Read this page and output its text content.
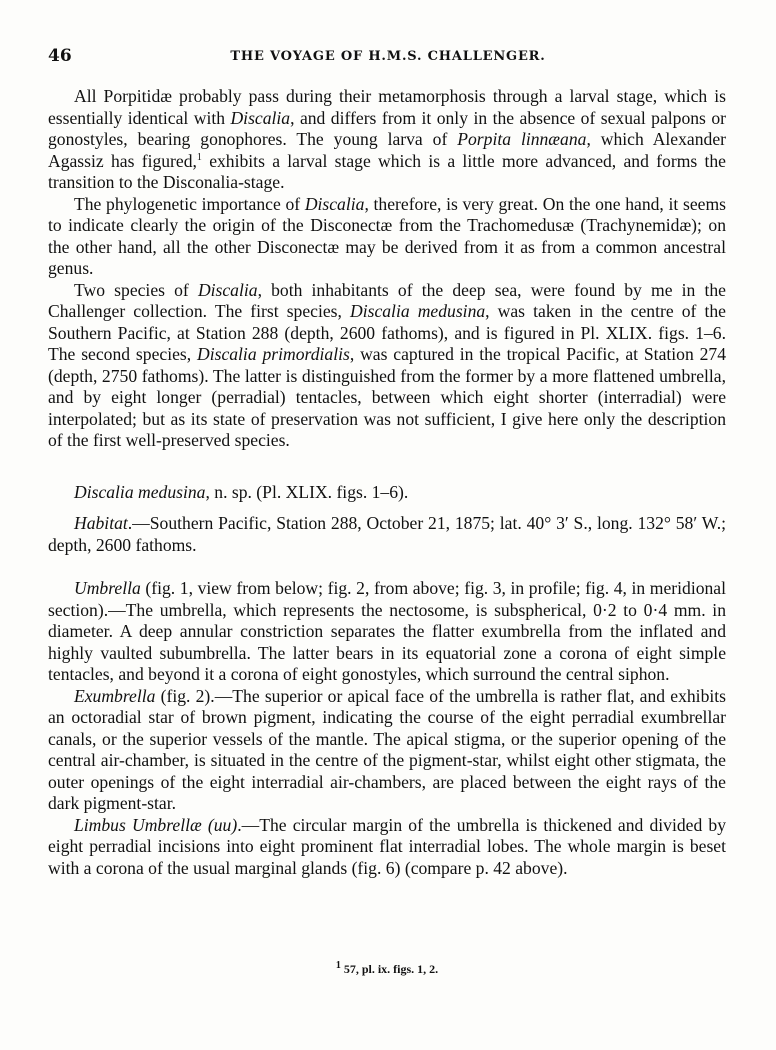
46	THE VOYAGE OF H.M.S. CHALLENGER.

All Porpitidæ probably pass during their metamorphosis through a larval stage, which is essentially identical with Discalia, and differs from it only in the absence of sexual palpons or gonostyles, bearing gonophores. The young larva of Porpita linnæana, which Alexander Agassiz has figured,$^1$ exhibits a larval stage which is a little more advanced, and forms the transition to the Disconalia-stage.

The phylogenetic importance of Discalia, therefore, is very great. On the one hand, it seems to indicate clearly the origin of the Disconectæ from the Trachomedusæ (Trachynemidæ); on the other hand, all the other Disconectæ may be derived from it as from a common ancestral genus.

Two species of Discalia, both inhabitants of the deep sea, were found by me in the Challenger collection. The first species, Discalia medusina, was taken in the centre of the Southern Pacific, at Station 288 (depth, 2600 fathoms), and is figured in Pl. XLIX. figs. 1–6. The second species, Discalia primordialis, was captured in the tropical Pacific, at Station 274 (depth, 2750 fathoms). The latter is distinguished from the former by a more flattened umbrella, and by eight longer (perradial) tentacles, between which eight shorter (interradial) were interpolated; but as its state of preservation was not sufficient, I give here only the description of the first well-preserved species.

Discalia medusina, n. sp. (Pl. XLIX. figs. 1–6).

Habitat.—Southern Pacific, Station 288, October 21, 1875; lat. 40° 3′ S., long. 132° 58′ W.; depth, 2600 fathoms.

Umbrella (fig. 1, view from below; fig. 2, from above; fig. 3, in profile; fig. 4, in meridional section).—The umbrella, which represents the nectosome, is subspherical, 0·2 to 0·4 mm. in diameter. A deep annular constriction separates the flatter exumbrella from the inflated and highly vaulted subumbrella. The latter bears in its equatorial zone a corona of eight simple tentacles, and beyond it a corona of eight gonostyles, which surround the central siphon.

Exumbrella (fig. 2).—The superior or apical face of the umbrella is rather flat, and exhibits an octoradial star of brown pigment, indicating the course of the eight perradial exumbrellar canals, or the superior vessels of the mantle. The apical stigma, or the superior opening of the central air-chamber, is situated in the centre of the pigment-star, whilst eight other stigmata, the outer openings of the eight interradial air-chambers, are placed between the eight rays of the dark pigment-star.

Limbus Umbrellæ (uu).—The circular margin of the umbrella is thickened and divided by eight perradial incisions into eight prominent flat interradial lobes. The whole margin is beset with a corona of the usual marginal glands (fig. 6) (compare p. 42 above).

$^1$ 57, pl. ix. figs. 1, 2.
